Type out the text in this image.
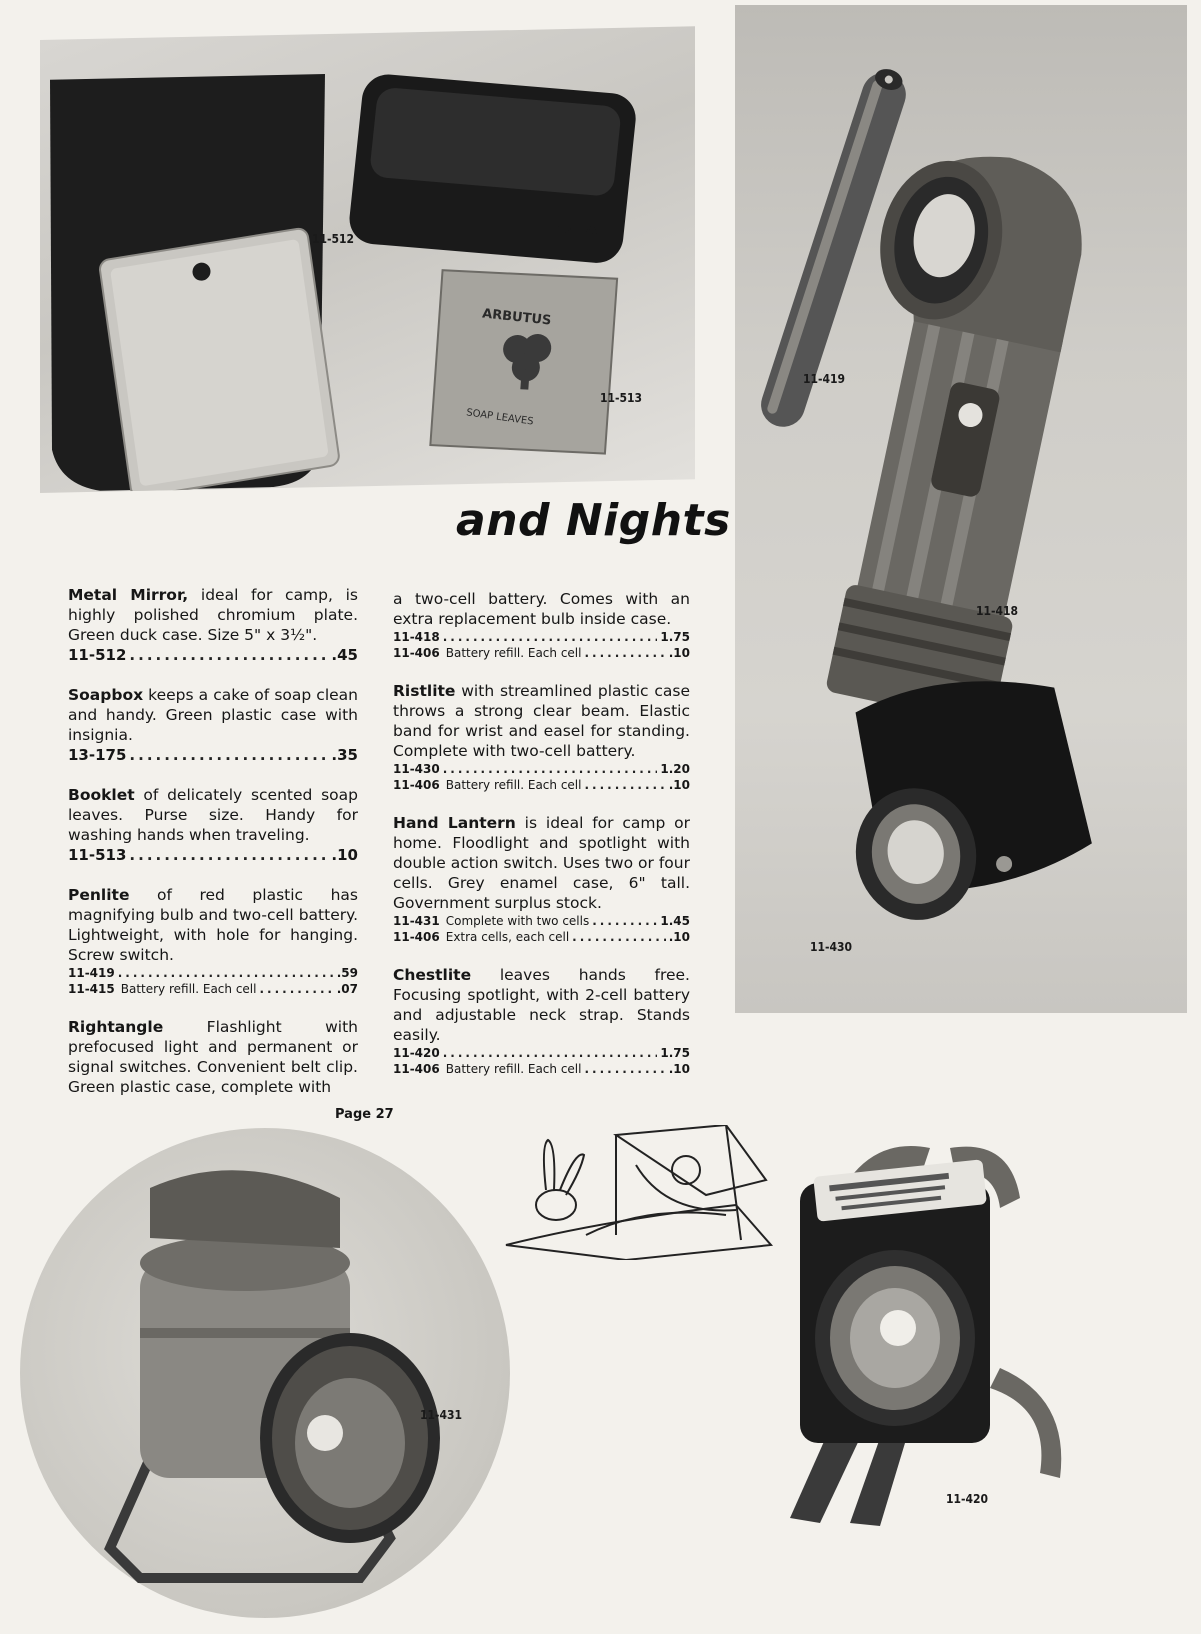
11-512
13-175
11-513
ARBUTUS
SOAP LEAVES
11-419
11-418
11-430
and Nights

Metal Mirror, ideal for camp, is highly polished chromium plate. Green duck case. Size 5" x 3½".
11-512 .....	.45

Soapbox keeps a cake of soap clean and handy. Green plastic case with insignia.
13-175 .....	.35

Booklet of delicately scented soap leaves. Purse size. Handy for washing hands when traveling.
11-513 .....	.10

Penlite of red plastic has magnifying bulb and two-cell battery. Lightweight, with hole for hanging. Screw switch.
11-419 .....	.59
11-415 Battery refill. Each cell .....	.07

Rightangle Flashlight with prefocused light and permanent or signal switches. Convenient belt clip. Green plastic case, complete with

a two-cell battery. Comes with an extra replacement bulb inside case.
11-418 .....	1.75
11-406 Battery refill. Each cell .....	.10

Ristlite with streamlined plastic case throws a strong clear beam. Elastic band for wrist and easel for standing. Complete with two-cell battery.
11-430 .....	1.20
11-406 Battery refill. Each cell .....	.10

Hand Lantern is ideal for camp or home. Floodlight and spotlight with double action switch. Uses two or four cells. Grey enamel case, 6" tall. Government surplus stock.
11-431 Complete with two cells .....	1.45
11-406 Extra cells, each cell .....	.10

Chestlite leaves hands free. Focusing spotlight, with 2-cell battery and adjustable neck strap. Stands easily.
11-420 .....	1.75
11-406 Battery refill. Each cell .....	.10

Page 27
11-431
11-420
